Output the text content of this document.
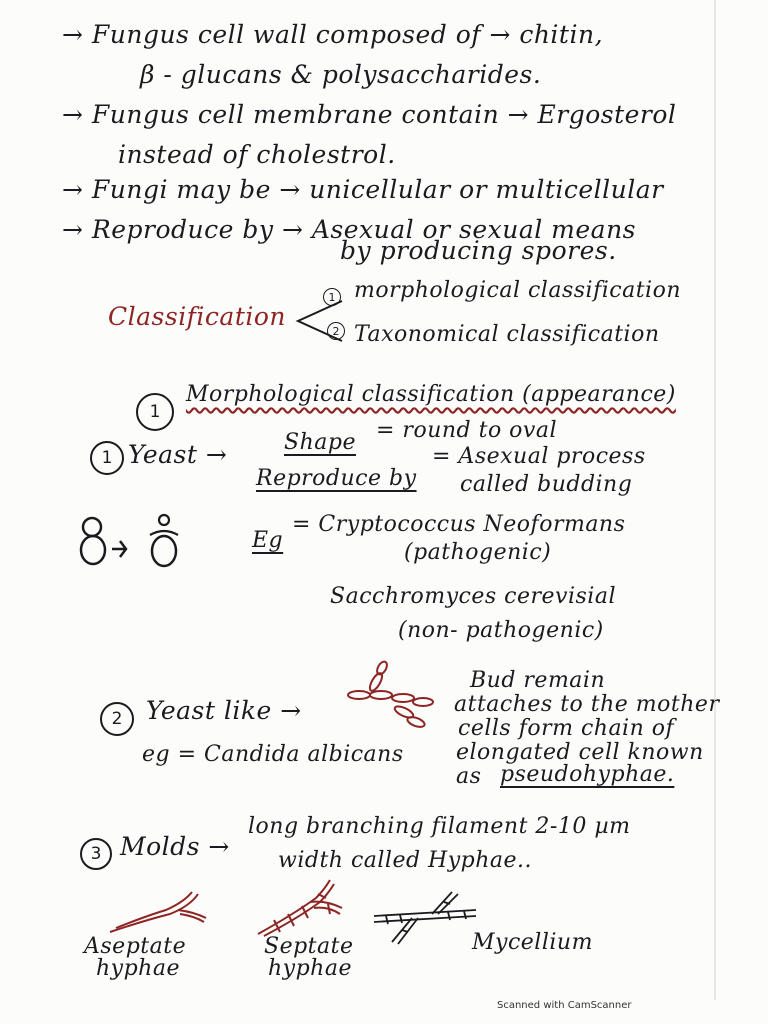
→ Fungus cell wall composed of → chitin,
β - glucans & polysaccharides.
→ Fungus cell membrane contain → Ergosterol
instead of cholestrol.
→ Fungi may be → unicellular or multicellular
→ Reproduce by → Asexual or sexual means
by producing spores.
Classification
1 morphological classification
2 Taxonomical classification
1
Morphological classification (appearance)
1 Yeast →	Shape = round to oval
Reproduce by
= Asexual process
called budding
Eg
= Cryptococcus Neoformans
(pathogenic)
Sacchromyces cerevisial
(non- pathogenic)
2 Yeast like →
Bud remain
attaches to the mother
cells form chain of
elongated cell known
as pseudohyphae.
eg = Candida albicans
3 Molds →
long branching filament 2-10 µm
width called Hyphae..
Aseptate
hyphae
Septate
hyphae
Mycellium
Scanned with CamScanner
